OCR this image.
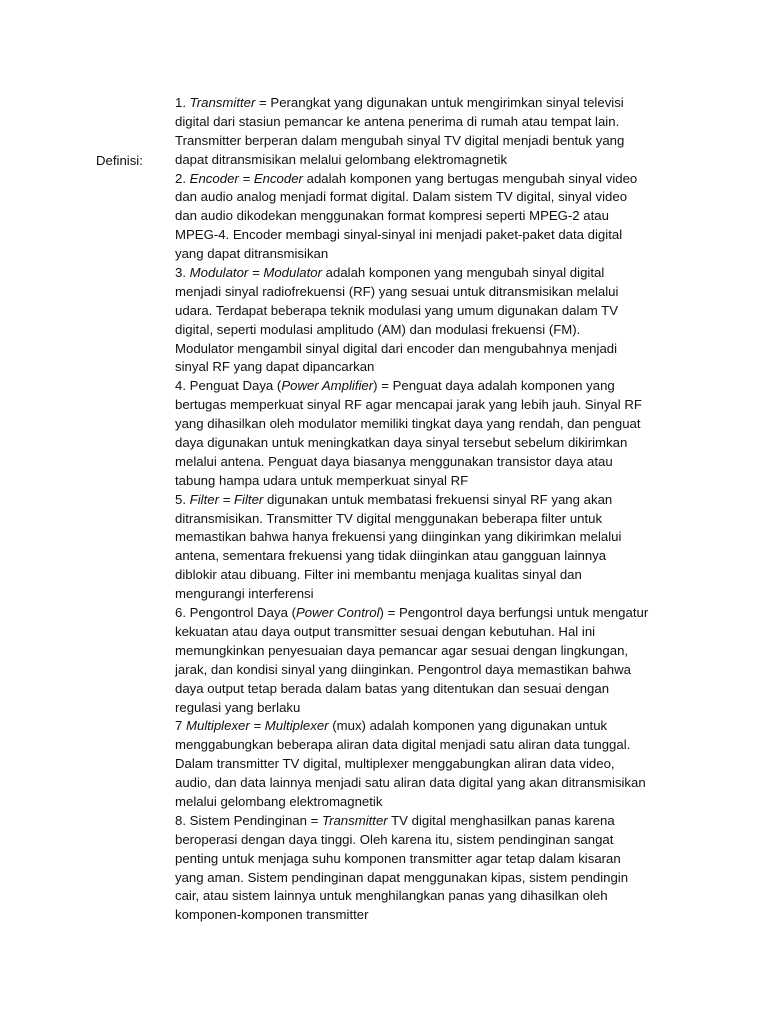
Definisi:

1. Transmitter = Perangkat yang digunakan untuk mengirimkan sinyal televisi
digital dari stasiun pemancar ke antena penerima di rumah atau tempat lain.
Transmitter berperan dalam mengubah sinyal TV digital menjadi bentuk yang
dapat ditransmisikan melalui gelombang elektromagnetik
2. Encoder = Encoder adalah komponen yang bertugas mengubah sinyal video
dan audio analog menjadi format digital. Dalam sistem TV digital, sinyal video
dan audio dikodekan menggunakan format kompresi seperti MPEG-2 atau
MPEG-4. Encoder membagi sinyal-sinyal ini menjadi paket-paket data digital
yang dapat ditransmisikan
3. Modulator = Modulator adalah komponen yang mengubah sinyal digital
menjadi sinyal radiofrekuensi (RF) yang sesuai untuk ditransmisikan melalui
udara. Terdapat beberapa teknik modulasi yang umum digunakan dalam TV
digital, seperti modulasi amplitudo (AM) dan modulasi frekuensi (FM).
Modulator mengambil sinyal digital dari encoder dan mengubahnya menjadi
sinyal RF yang dapat dipancarkan
4. Penguat Daya (Power Amplifier) = Penguat daya adalah komponen yang
bertugas memperkuat sinyal RF agar mencapai jarak yang lebih jauh. Sinyal RF
yang dihasilkan oleh modulator memiliki tingkat daya yang rendah, dan penguat
daya digunakan untuk meningkatkan daya sinyal tersebut sebelum dikirimkan
melalui antena. Penguat daya biasanya menggunakan transistor daya atau
tabung hampa udara untuk memperkuat sinyal RF
5. Filter = Filter digunakan untuk membatasi frekuensi sinyal RF yang akan
ditransmisikan. Transmitter TV digital menggunakan beberapa filter untuk
memastikan bahwa hanya frekuensi yang diinginkan yang dikirimkan melalui
antena, sementara frekuensi yang tidak diinginkan atau gangguan lainnya
diblokir atau dibuang. Filter ini membantu menjaga kualitas sinyal dan
mengurangi interferensi
6. Pengontrol Daya (Power Control) = Pengontrol daya berfungsi untuk mengatur
kekuatan atau daya output transmitter sesuai dengan kebutuhan. Hal ini
memungkinkan penyesuaian daya pemancar agar sesuai dengan lingkungan,
jarak, dan kondisi sinyal yang diinginkan. Pengontrol daya memastikan bahwa
daya output tetap berada dalam batas yang ditentukan dan sesuai dengan
regulasi yang berlaku
7 Multiplexer = Multiplexer (mux) adalah komponen yang digunakan untuk
menggabungkan beberapa aliran data digital menjadi satu aliran data tunggal.
Dalam transmitter TV digital, multiplexer menggabungkan aliran data video,
audio, dan data lainnya menjadi satu aliran data digital yang akan ditransmisikan
melalui gelombang elektromagnetik
8. Sistem Pendinginan = Transmitter TV digital menghasilkan panas karena
beroperasi dengan daya tinggi. Oleh karena itu, sistem pendinginan sangat
penting untuk menjaga suhu komponen transmitter agar tetap dalam kisaran
yang aman. Sistem pendinginan dapat menggunakan kipas, sistem pendingin
cair, atau sistem lainnya untuk menghilangkan panas yang dihasilkan oleh
komponen-komponen transmitter
